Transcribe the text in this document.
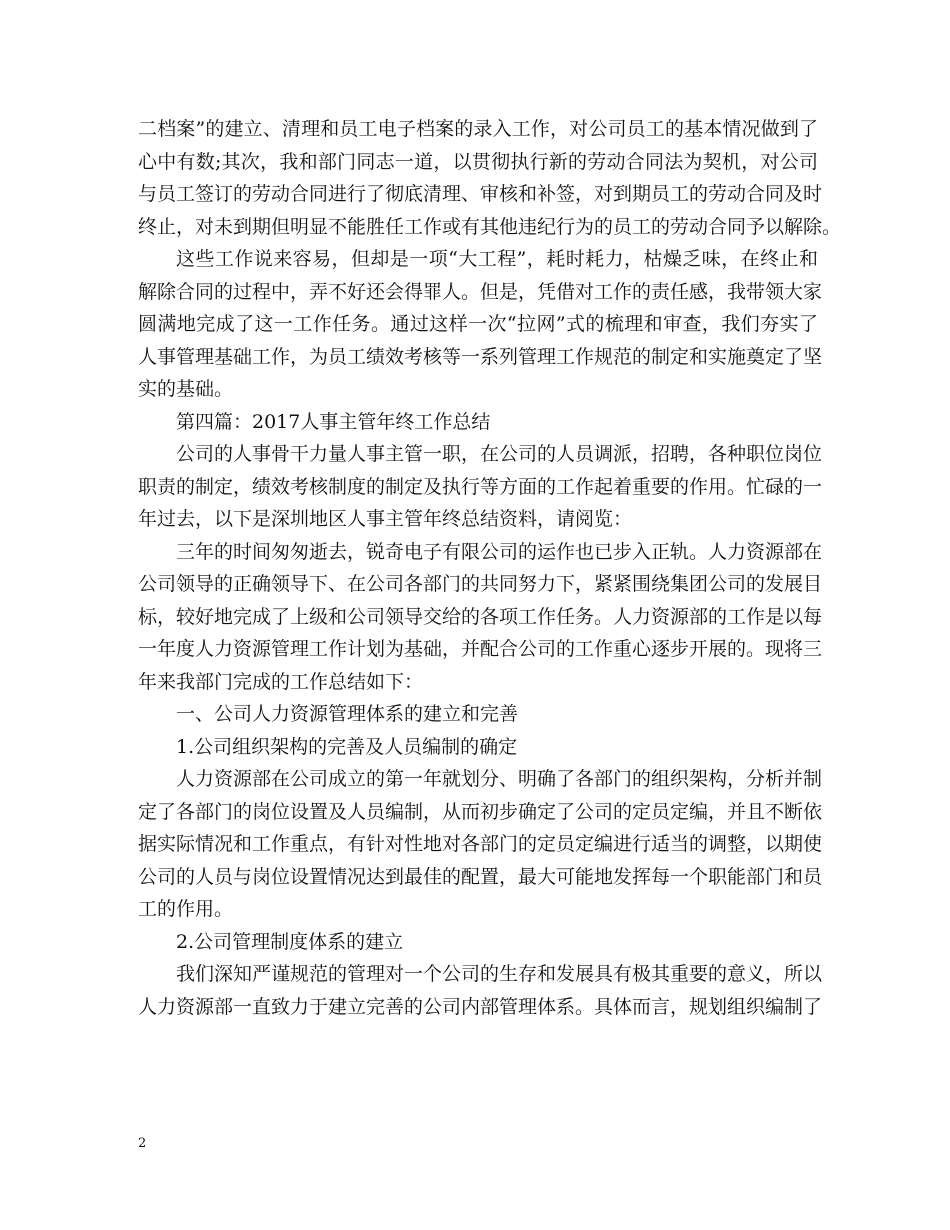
二档案”的建立、清理和员工电子档案的录入工作，对公司员工的基本情况做到了
心中有数;其次，我和部门同志一道，以贯彻执行新的劳动合同法为契机，对公司
与员工签订的劳动合同进行了彻底清理、审核和补签，对到期员工的劳动合同及时
终止，对未到期但明显不能胜任工作或有其他违纪行为的员工的劳动合同予以解除。
这些工作说来容易，但却是一项“大工程”，耗时耗力，枯燥乏味，在终止和
解除合同的过程中，弄不好还会得罪人。但是，凭借对工作的责任感，我带领大家
圆满地完成了这一工作任务。通过这样一次“拉网”式的梳理和审查，我们夯实了
人事管理基础工作，为员工绩效考核等一系列管理工作规范的制定和实施奠定了坚
实的基础。
第四篇：2017人事主管年终工作总结
公司的人事骨干力量人事主管一职，在公司的人员调派，招聘，各种职位岗位
职责的制定，绩效考核制度的制定及执行等方面的工作起着重要的作用。忙碌的一
年过去，以下是深圳地区人事主管年终总结资料，请阅览：
三年的时间匆匆逝去，锐奇电子有限公司的运作也已步入正轨。人力资源部在
公司领导的正确领导下、在公司各部门的共同努力下，紧紧围绕集团公司的发展目
标，较好地完成了上级和公司领导交给的各项工作任务。人力资源部的工作是以每
一年度人力资源管理工作计划为基础，并配合公司的工作重心逐步开展的。现将三
年来我部门完成的工作总结如下：
一、公司人力资源管理体系的建立和完善
1.公司组织架构的完善及人员编制的确定
人力资源部在公司成立的第一年就划分、明确了各部门的组织架构，分析并制
定了各部门的岗位设置及人员编制，从而初步确定了公司的定员定编，并且不断依
据实际情况和工作重点，有针对性地对各部门的定员定编进行适当的调整，以期使
公司的人员与岗位设置情况达到最佳的配置，最大可能地发挥每一个职能部门和员
工的作用。
2.公司管理制度体系的建立
我们深知严谨规范的管理对一个公司的生存和发展具有极其重要的意义，所以
人力资源部一直致力于建立完善的公司内部管理体系。具体而言，规划组织编制了
2
